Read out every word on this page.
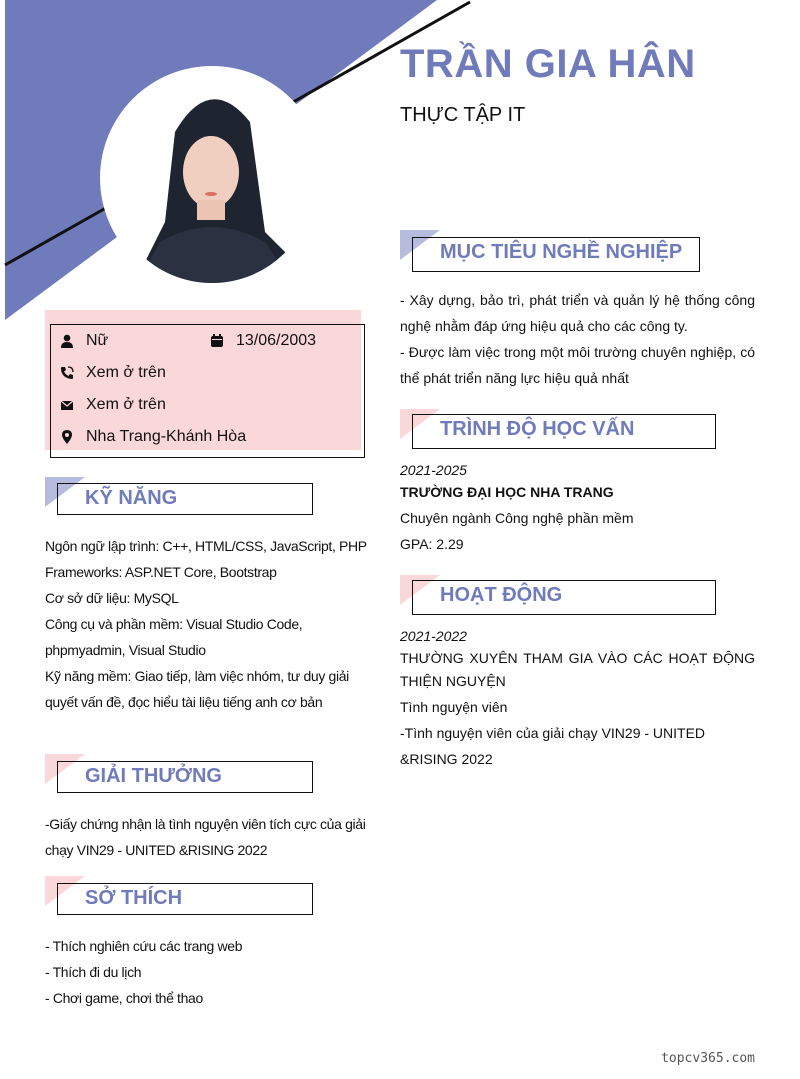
TRẦN GIA HÂN
THỰC TẬP IT
Nữ	13/06/2003
Xem ở trên
Xem ở trên
Nha Trang-Khánh Hòa
KỸ NĂNG
Ngôn ngữ lập trình: C++, HTML/CSS, JavaScript, PHP
Frameworks: ASP.NET Core, Bootstrap
Cơ sở dữ liệu: MySQL
Công cụ và phần mềm: Visual Studio Code, phpmyadmin, Visual Studio
Kỹ năng mềm: Giao tiếp, làm việc nhóm, tư duy giải quyết vấn đề, đọc hiểu tài liệu tiếng anh cơ bản
GIẢI THƯỞNG
-Giấy chứng nhận là tình nguyện viên tích cực của giải chạy VIN29 - UNITED &RISING 2022
SỞ THÍCH
- Thích nghiên cứu các trang web
- Thích đi du lịch
- Chơi game, chơi thể thao
MỤC TIÊU NGHỀ NGHIỆP
- Xây dựng, bảo trì, phát triển và quản lý hệ thống công nghệ nhằm đáp ứng hiệu quả cho các công ty.
- Được làm việc trong một môi trường chuyên nghiệp, có thể phát triển năng lực hiệu quả nhất
TRÌNH ĐỘ HỌC VẤN
2021-2025
TRƯỜNG ĐẠI HỌC NHA TRANG
Chuyên ngành Công nghệ phần mềm
GPA: 2.29
HOẠT ĐỘNG
2021-2022
THƯỜNG XUYÊN THAM GIA VÀO CÁC HOẠT ĐỘNG THIỆN NGUYỆN
Tình nguyện viên
-Tình nguyện viên của giải chạy VIN29 - UNITED &RISING 2022
topcv365.com
